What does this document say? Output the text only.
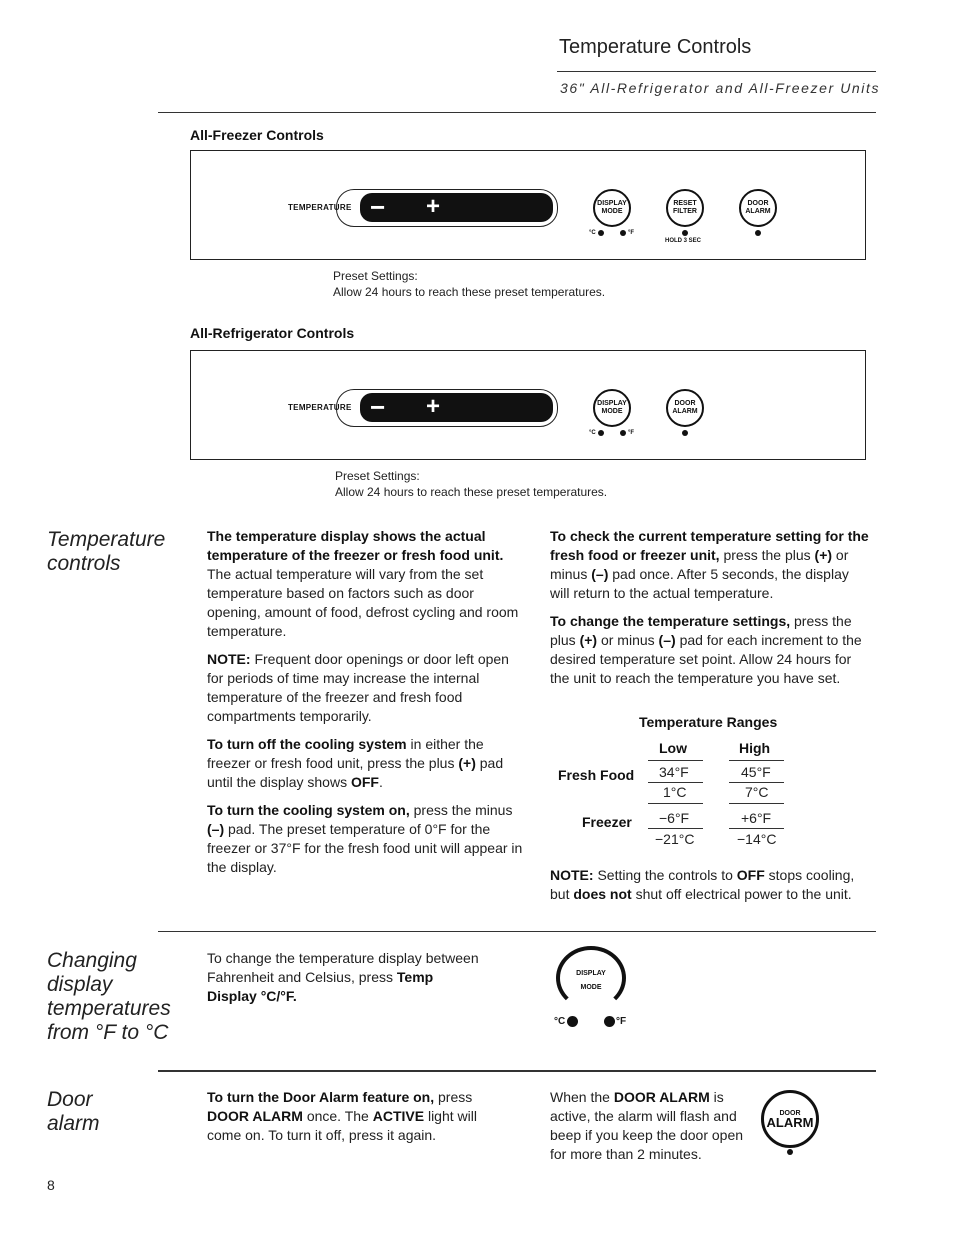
Temperature Controls
36" All-Refrigerator and All-Freezer Units
All-Freezer Controls
TEMPERATURE − +	DISPLAY
MODE
°C	°F
RESET
FILTER
HOLD 3 SEC
DOOR
ALARM
Preset Settings:
Allow 24 hours to reach these preset temperatures.
All-Refrigerator Controls
TEMPERATURE − +	DISPLAY
MODE
°C	°F
DOOR
ALARM
Preset Settings:
Allow 24 hours to reach these preset temperatures.
Temperature
controls

The temperature display shows the actual temperature of the freezer or fresh food unit. The actual temperature will vary from the set temperature based on factors such as door opening, amount of food, defrost cycling and room temperature.

NOTE: Frequent door openings or door left open for periods of time may increase the internal temperature of the freezer and fresh food compartments temporarily.

To turn off the cooling system in either the freezer or fresh food unit, press the plus (+) pad until the display shows OFF.

To turn the cooling system on, press the minus (–) pad. The preset temperature of 0°F for the freezer or 37°F for the fresh food unit will appear in the display.

To check the current temperature setting for the fresh food or freezer unit, press the plus (+) or minus (–) pad once. After 5 seconds, the display will return to the actual temperature.

To change the temperature settings, press the plus (+) or minus (–) pad for each increment to the desired temperature set point. Allow 24 hours for the unit to reach the temperature you have set.

Temperature Ranges
Low	High
Fresh Food 34°F	45°F
1°C	7°C
Freezer −6°F	+6°F
−21°C	−14°C

NOTE: Setting the controls to OFF stops cooling, but does not shut off electrical power to the unit.

Changing
display
temperatures
from °F to °C

To change the temperature display between Fahrenheit and Celsius, press Temp Display °C/°F.

DISPLAY
MODE
°C	°F
Door
alarm

To turn the Door Alarm feature on, press DOOR ALARM once. The ACTIVE light will come on. To turn it off, press it again.

When the DOOR ALARM is active, the alarm will flash and beep if you keep the door open for more than 2 minutes.

DOOR
ALARM
8
